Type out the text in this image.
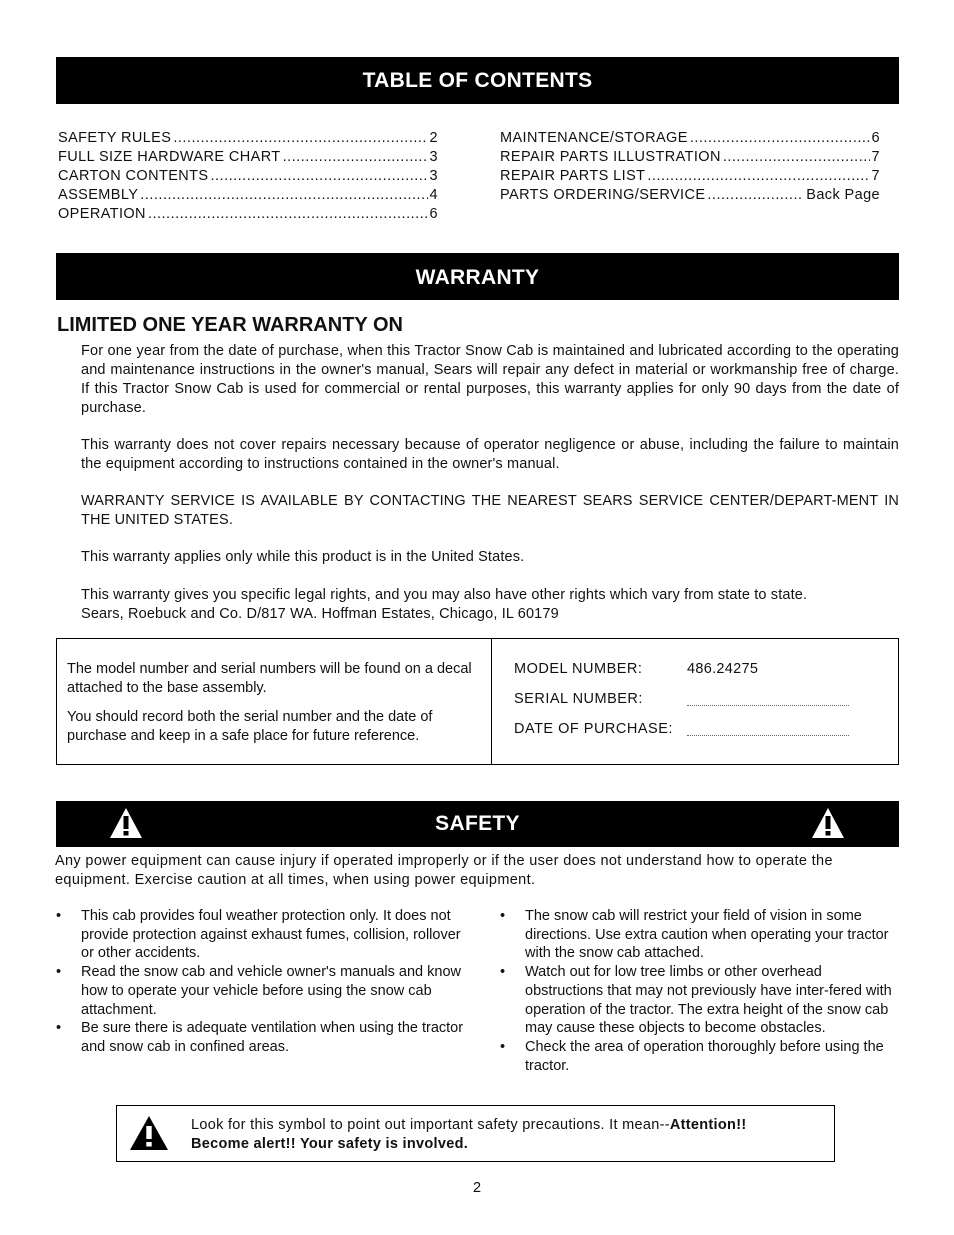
TABLE OF CONTENTS
SAFETY RULES .....	2
FULL SIZE HARDWARE CHART .....	3
CARTON CONTENTS .....	3
ASSEMBLY .....	4
OPERATION .....	6
MAINTENANCE/STORAGE .....	6
REPAIR PARTS ILLUSTRATION .....	7
REPAIR PARTS LIST .....	7
PARTS ORDERING/SERVICE .....	Back Page
WARRANTY
LIMITED ONE YEAR WARRANTY ON
For one year from the date of purchase, when this Tractor Snow Cab is maintained and lubricated according to the operating and maintenance instructions in the owner's manual, Sears will repair any defect in material or workmanship free of charge. If this Tractor Snow Cab is used for commercial or rental purposes, this warranty applies for only 90 days from the date of purchase.
This warranty does not cover repairs necessary because of operator negligence or abuse, including the failure to maintain the equipment according to instructions contained in the owner's manual.
WARRANTY SERVICE IS AVAILABLE BY CONTACTING THE NEAREST SEARS SERVICE CENTER/DEPART-MENT IN THE UNITED STATES.
This warranty applies only while this product is in the United States.
This warranty gives you specific legal rights, and you may also have other rights which vary from state to state.
Sears, Roebuck and Co. D/817 WA. Hoffman Estates, Chicago, IL 60179

The model number and serial numbers will be found on a decal attached to the base assembly.

You should record both the serial number and the date of purchase and keep in a safe place for future reference.

MODEL NUMBER:	486.24275
SERIAL NUMBER:
DATE OF PURCHASE:
SAFETY
Any power equipment can cause injury if operated improperly or if the user does not understand how to operate the equipment. Exercise caution at all times, when using power equipment.
• This cab provides foul weather protection only. It does not provide protection against exhaust fumes, collision, rollover or other accidents.
• Read the snow cab and vehicle owner's manuals and know how to operate your vehicle before using the snow cab attachment.
• Be sure there is adequate ventilation when using the tractor and snow cab in confined areas.
• The snow cab will restrict your field of vision in some directions. Use extra caution when operating your tractor with the snow cab attached.
• Watch out for low tree limbs or other overhead obstructions that may not previously have inter-fered with operation of the tractor. The extra height of the snow cab may cause these objects to become obstacles.
• Check the area of operation thoroughly before using the tractor.
Look for this symbol to point out important safety precautions. It mean--Attention!!
Become alert!! Your safety is involved.
2
